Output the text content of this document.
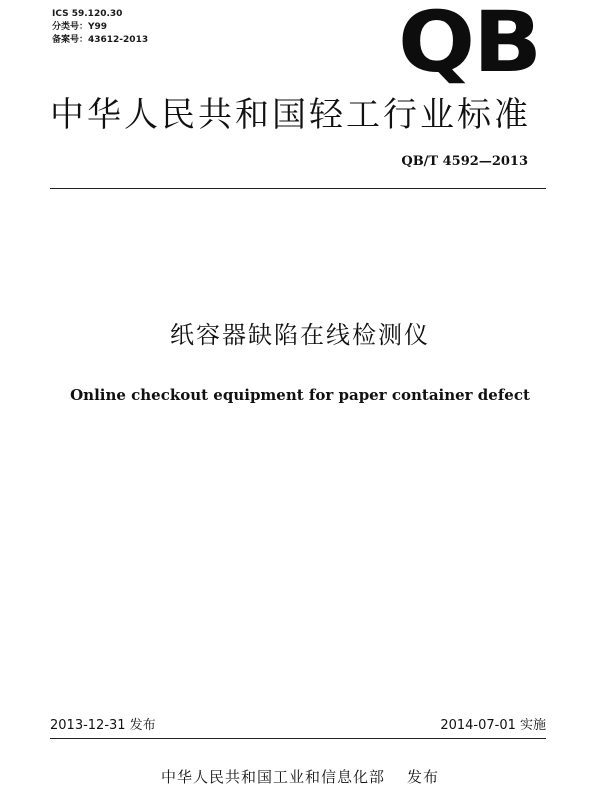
ICS 59.120.30
分类号：Y99
备案号：43612-2013	QB
中华人民共和国轻工行业标准
QB/T 4592—2013
纸容器缺陷在线检测仪
Online checkout equipment for paper container defect
2013-12-31 发布	2014-07-01 实施
中华人民共和国工业和信息化部 发布
